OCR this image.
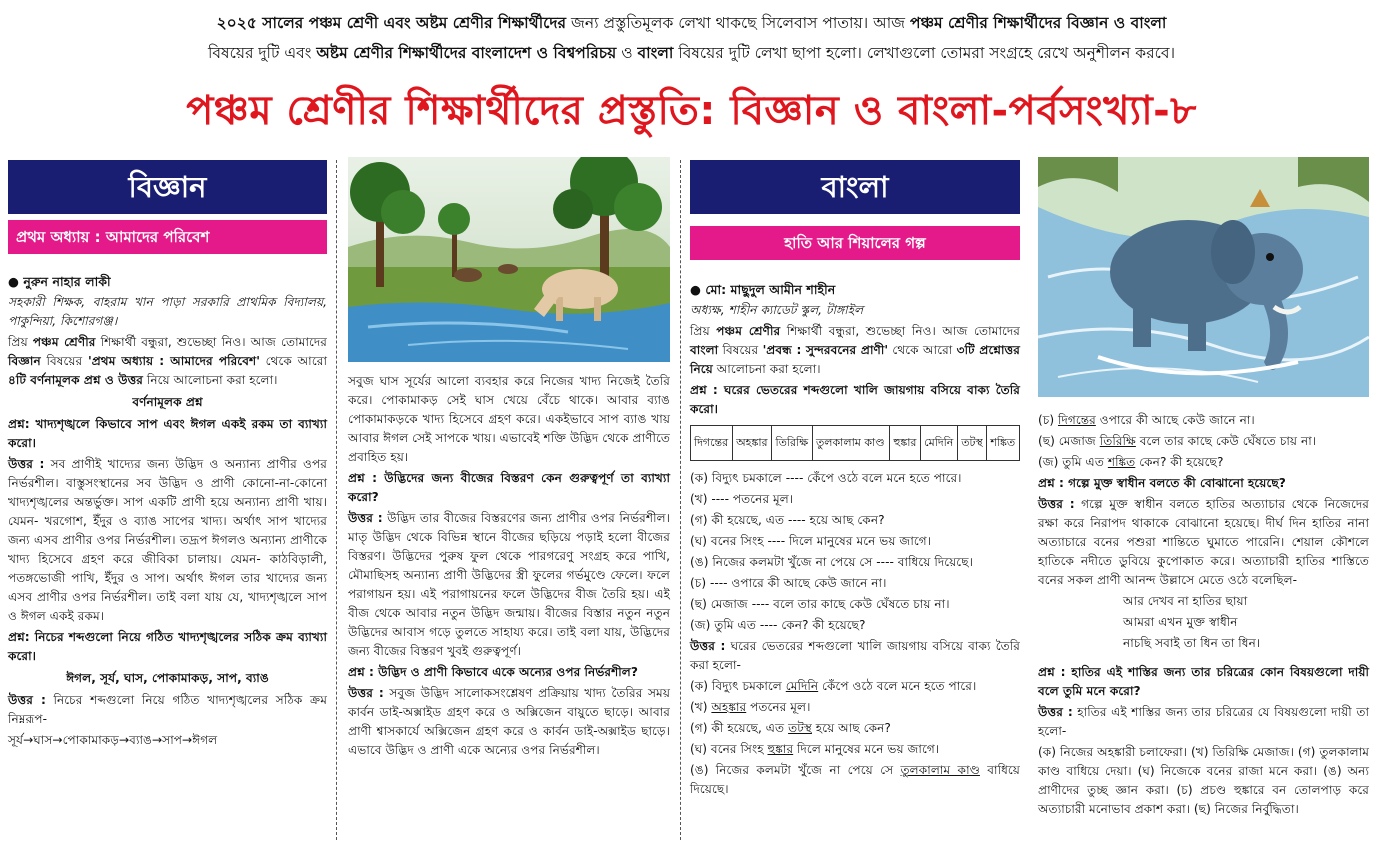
২০২৫ সালের পঞ্চম শ্রেণী এবং অষ্টম শ্রেণীর শিক্ষার্থীদের জন্য প্রস্তুতিমূলক লেখা থাকছে সিলেবাস পাতায়। আজ পঞ্চম শ্রেণীর শিক্ষার্থীদের বিজ্ঞান ও বাংলা
বিষয়ের দুটি এবং অষ্টম শ্রেণীর শিক্ষার্থীদের বাংলাদেশ ও বিশ্বপরিচয় ও বাংলা বিষয়ের দুটি লেখা ছাপা হলো। লেখাগুলো তোমরা সংগ্রহে রেখে অনুশীলন করবে।
পঞ্চম শ্রেণীর শিক্ষার্থীদের প্রস্তুতি: বিজ্ঞান ও বাংলা-পর্বসংখ্যা-৮
বিজ্ঞান
প্রথম অধ্যায় : আমাদের পরিবেশ

● নুরুন নাহার লাকী

সহকারী শিক্ষক, বাহরাম খান পাড়া সরকারি প্রাথমিক বিদ্যালয়, পাকুন্দিয়া, কিশোরগঞ্জ।

প্রিয় পঞ্চম শ্রেণীর শিক্ষার্থী বন্ধুরা, শুভেচ্ছা নিও। আজ তোমাদের বিজ্ঞান বিষয়ের 'প্রথম অধ্যায় : আমাদের পরিবেশ' থেকে আরো ৪টি বর্ণনামূলক প্রশ্ন ও উত্তর নিয়ে আলোচনা করা হলো।

বর্ণনামূলক প্রশ্ন

প্রশ্ন: খাদ্যশৃঙ্খলে কিভাবে সাপ এবং ঈগল একই রকম তা ব্যাখ্যা করো।

উত্তর : সব প্রাণীই খাদ্যের জন্য উদ্ভিদ ও অন্যান্য প্রাণীর ওপর নির্ভরশীল। বাস্তুসংস্থানের সব উদ্ভিদ ও প্রাণী কোনো-না-কোনো খাদ্যশৃঙ্খলের অন্তর্ভুক্ত। সাপ একটি প্রাণী হয়ে অন্যান্য প্রাণী খায়। যেমন- খরগোশ, ইঁদুর ও ব্যাঙ সাপের খাদ্য। অর্থাৎ সাপ খাদ্যের জন্য এসব প্রাণীর ওপর নির্ভরশীল। তদ্রূপ ঈগলও অন্যান্য প্রাণীকে খাদ্য হিসেবে গ্রহণ করে জীবিকা চালায়। যেমন- কাঠবিড়ালী, পতঙ্গভোজী পাখি, ইঁদুর ও সাপ। অর্থাৎ ঈগল তার খাদ্যের জন্য এসব প্রাণীর ওপর নির্ভরশীল। তাই বলা যায় যে, খাদ্যশৃঙ্খলে সাপ ও ঈগল একই রকম।

প্রশ্ন: নিচের শব্দগুলো নিয়ে গঠিত খাদ্যশৃঙ্খলের সঠিক ক্রম ব্যাখ্যা করো।

ঈগল, সূর্য, ঘাস, পোকামাকড়, সাপ, ব্যাঙ

উত্তর : নিচের শব্দগুলো নিয়ে গঠিত খাদ্যশৃঙ্খলের সঠিক ক্রম নিম্নরূপ-

সূর্য→ঘাস→পোকামাকড়→ব্যাঙ→সাপ→ঈগল

সবুজ ঘাস সূর্যের আলো ব্যবহার করে নিজের খাদ্য নিজেই তৈরি করে। পোকামাকড় সেই ঘাস খেয়ে বেঁচে থাকে। আবার ব্যাঙ পোকামাকড়কে খাদ্য হিসেবে গ্রহণ করে। একইভাবে সাপ ব্যাঙ খায় আবার ঈগল সেই সাপকে খায়। এভাবেই শক্তি উদ্ভিদ থেকে প্রাণীতে প্রবাহিত হয়।

প্রশ্ন : উদ্ভিদের জন্য বীজের বিস্তরণ কেন গুরুত্বপূর্ণ তা ব্যাখ্যা করো?

উত্তর : উদ্ভিদ তার বীজের বিস্তরণের জন্য প্রাণীর ওপর নির্ভরশীল। মাতৃ উদ্ভিদ থেকে বিভিন্ন স্থানে বীজের ছড়িয়ে পড়াই হলো বীজের বিস্তরণ। উদ্ভিদের পুরুষ ফুল থেকে পারগরেণু সংগ্রহ করে পাখি, মৌমাছিসহ অন্যান্য প্রাণী উদ্ভিদের স্ত্রী ফুলের গর্ভমুণ্ডে ফেলে। ফলে পরাগায়ন হয়। এই পরাগায়নের ফলে উদ্ভিদের বীজ তৈরি হয়। এই বীজ থেকে আবার নতুন উদ্ভিদ জন্মায়। বীজের বিস্তার নতুন নতুন উদ্ভিদের আবাস গড়ে তুলতে সাহায্য করে। তাই বলা যায়, উদ্ভিদের জন্য বীজের বিস্তরণ খুবই গুরুত্বপূর্ণ।

প্রশ্ন : উদ্ভিদ ও প্রাণী কিভাবে একে অন্যের ওপর নির্ভরশীল?

উত্তর : সবুজ উদ্ভিদ সালোকসংশ্লেষণ প্রক্রিয়ায় খাদ্য তৈরির সময় কার্বন ডাই-অক্সাইড গ্রহণ করে ও অক্সিজেন বায়ুতে ছাড়ে। আবার প্রাণী শ্বাসকার্যে অক্সিজেন গ্রহণ করে ও কার্বন ডাই-অক্সাইড ছাড়ে। এভাবে উদ্ভিদ ও প্রাণী একে অন্যের ওপর নির্ভরশীল।

বাংলা
হাতি আর শিয়ালের গল্প

● মো: মাছুদুল আমীন শাহীন

অধ্যক্ষ, শাহীন ক্যাডেট স্কুল, টাঙ্গাইল

প্রিয় পঞ্চম শ্রেণীর শিক্ষার্থী বন্ধুরা, শুভেচ্ছা নিও। আজ তোমাদের বাংলা বিষয়ের 'প্রবন্ধ : সুন্দরবনের প্রাণী' থেকে আরো ৩টি প্রশ্নোত্তর নিয়ে আলোচনা করা হলো।

প্রশ্ন : ঘরের ভেতরের শব্দগুলো খালি জায়গায় বসিয়ে বাক্য তৈরি করো।

দিগন্তের	অহঙ্কার	তিরিক্ষি	তুলকালাম কাণ্ড	হুঙ্কার	মেদিনি	তটস্থ	শঙ্কিত

(ক) বিদ্যুৎ চমকালে ---- কেঁপে ওঠে বলে মনে হতে পারে।

(খ) ---- পতনের মূল।

(গ) কী হয়েছে, এত ---- হয়ে আছ কেন?

(ঘ) বনের সিংহ ---- দিলে মানুষের মনে ভয় জাগে।

(ঙ) নিজের কলমটা খুঁজে না পেয়ে সে ---- বাধিয়ে দিয়েছে।

(চ) ---- ওপারে কী আছে কেউ জানে না।

(ছ) মেজাজ ---- বলে তার কাছে কেউ ঘেঁষতে চায় না।

(জ) তুমি এত ---- কেন? কী হয়েছে?

উত্তর : ঘরের ভেতরের শব্দগুলো খালি জায়গায় বসিয়ে বাক্য তৈরি করা হলো-

(ক) বিদ্যুৎ চমকালে মেদিনি কেঁপে ওঠে বলে মনে হতে পারে।

(খ) অহঙ্কার পতনের মূল।

(গ) কী হয়েছে, এত তটস্থ হয়ে আছ কেন?

(ঘ) বনের সিংহ হুঙ্কার দিলে মানুষের মনে ভয় জাগে।

(ঙ) নিজের কলমটা খুঁজে না পেয়ে সে তুলকালাম কাণ্ড বাধিয়ে দিয়েছে।

(চ) দিগন্তের ওপারে কী আছে কেউ জানে না।

(ছ) মেজাজ তিরিক্ষি বলে তার কাছে কেউ ঘেঁষতে চায় না।

(জ) তুমি এত শঙ্কিত কেন? কী হয়েছে?

প্রশ্ন : গল্পে মুক্ত স্বাধীন বলতে কী বোঝানো হয়েছে?

উত্তর : গল্পে মুক্ত স্বাধীন বলতে হাতির অত্যাচার থেকে নিজেদের রক্ষা করে নিরাপদ থাকাকে বোঝানো হয়েছে। দীর্ঘ দিন হাতির নানা অত্যাচারে বনের পশুরা শান্তিতে ঘুমাতে পারেনি। শেয়াল কৌশলে হাতিকে নদীতে ডুবিয়ে কুপোকাত করে। অত্যাচারী হাতির শাস্তিতে বনের সকল প্রাণী আনন্দ উল্লাসে মেতে ওঠে বলেছিল-

আর দেখব না হাতির ছায়া

আমরা এখন মুক্ত স্বাধীন

নাচছি সবাই তা ধিন তা ধিন।

প্রশ্ন : হাতির এই শাস্তির জন্য তার চরিত্রের কোন বিষয়গুলো দায়ী বলে তুমি মনে করো?

উত্তর : হাতির এই শাস্তির জন্য তার চরিত্রের যে বিষয়গুলো দায়ী তা হলো-

(ক) নিজের অহঙ্কারী চলাফেরা। (খ) তিরিক্ষি মেজাজ। (গ) তুলকালাম কাণ্ড বাধিয়ে দেয়া। (ঘ) নিজেকে বনের রাজা মনে করা। (ঙ) অন্য প্রাণীদের তুচ্ছ জ্ঞান করা। (চ) প্রচণ্ড হুঙ্কারে বন তোলপাড় করে অত্যাচারী মনোভাব প্রকাশ করা। (ছ) নিজের নির্বুদ্ধিতা।
